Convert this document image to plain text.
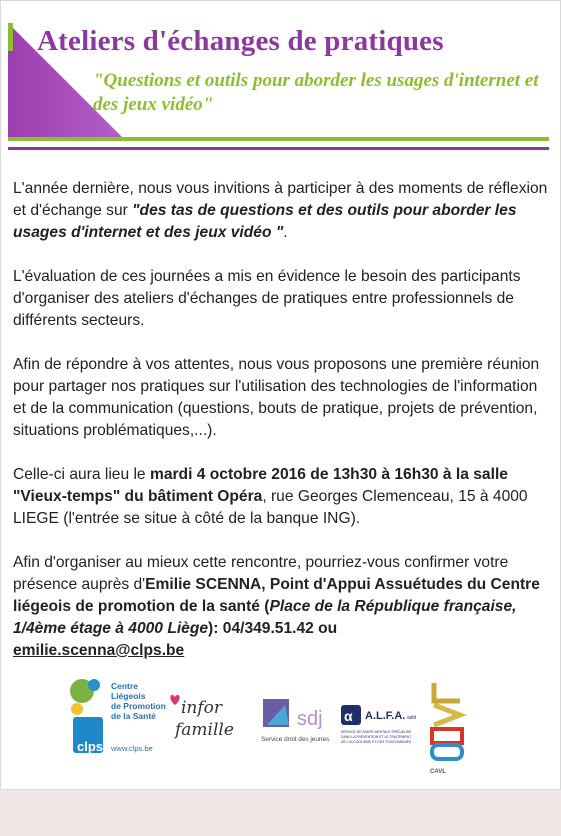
Ateliers d'échanges de pratiques

"Questions et outils pour aborder les usages d'internet et des jeux vidéo"

L'année dernière, nous vous invitions à participer à des moments de réflexion et d'échange sur "des tas de questions et des outils pour aborder les usages d'internet et des jeux vidéo ".

L'évaluation de ces journées a mis en évidence le besoin des participants d'organiser des ateliers d'échanges de pratiques entre professionnels de différents secteurs.

Afin de répondre à vos attentes, nous vous proposons une première réunion pour partager nos pratiques sur l'utilisation des technologies de l'information et de la communication (questions, bouts de pratique, projets de prévention, situations problématiques,...).

Celle-ci aura lieu le mardi 4 octobre 2016 de 13h30 à 16h30 à la salle "Vieux-temps" du bâtiment Opéra, rue Georges Clemenceau, 15 à 4000 LIEGE (l'entrée se situe à côté de la banque ING).

Afin d'organiser au mieux cette rencontre, pourriez-vous confirmer votre présence auprès d'Emilie SCENNA, Point d'Appui Assuétudes du Centre liégeois de promotion de la santé (Place de la République française, 1/4ème étage à 4000 Liège): 04/349.51.42 ou
emilie.scenna@clps.be

clps
Centre
Liégeois
de Promotion
de la Santé
www.clps.be
infor
famille	sdj
Service droit des jeunes
α A.L.F.A. asbl
SERVICE DE SANTÉ MENTALE SPÉCIALISÉ
DANS LA PRÉVENTION ET LE TRAITEMENT
DE L'ALCOOLISME ET DES TOXICOMANIES
CAVL
